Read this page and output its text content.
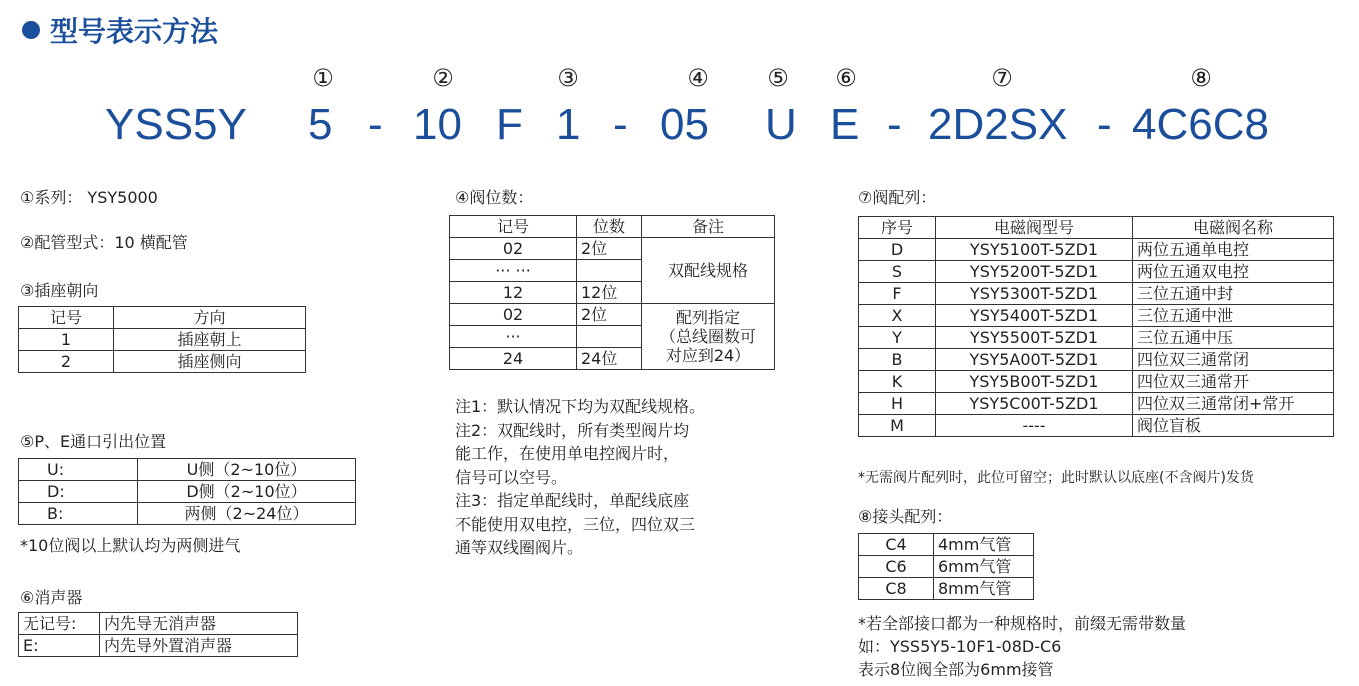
型号表示方法
①	②	③	④	⑤	⑥	⑦	⑧
YSS5Y 5 - 10 F 1 - 05 U E - 2D2SX - 4C6C8
①系列： YSY5000
②配管型式：10 横配管
③插座朝向
记号	方向
1	插座朝上
2	插座侧向
⑤P、E通口引出位置
U:	U侧（2~10位）
D:	D侧（2~10位）
B:	两侧（2~24位）
*10位阀以上默认均为两侧进气
⑥消声器
无记号:	内先导无消声器
E:	内先导外置消声器
④阀位数：
记号	位数	备注
02	2位	双配线规格
··· ···		
12	12位	
02	2位	配列指定
（总线圈数可
对应到24）

···		
24	24位	
注1：默认情况下均为双配线规格。
注2：双配线时，所有类型阀片均
能工作，在使用单电控阀片时，
信号可以空号。
注3：指定单配线时，单配线底座
不能使用双电控，三位，四位双三
通等双线圈阀片。
⑦阀配列：
序号	电磁阀型号	电磁阀名称
D	YSY5100T-5ZD1	两位五通单电控
S	YSY5200T-5ZD1	两位五通双电控
F	YSY5300T-5ZD1	三位五通中封
X	YSY5400T-5ZD1	三位五通中泄
Y	YSY5500T-5ZD1	三位五通中压
B	YSY5A00T-5ZD1	四位双三通常闭
K	YSY5B00T-5ZD1	四位双三通常开
H	YSY5C00T-5ZD1	四位双三通常闭+常开
M	----	阀位盲板
*无需阀片配列时，此位可留空；此时默认以底座(不含阀片)发货
⑧接头配列：
C4	4mm气管
C6	6mm气管
C8	8mm气管
*若全部接口都为一种规格时，前缀无需带数量
如：YSS5Y5-10F1-08D-C6
表示8位阀全部为6mm接管
